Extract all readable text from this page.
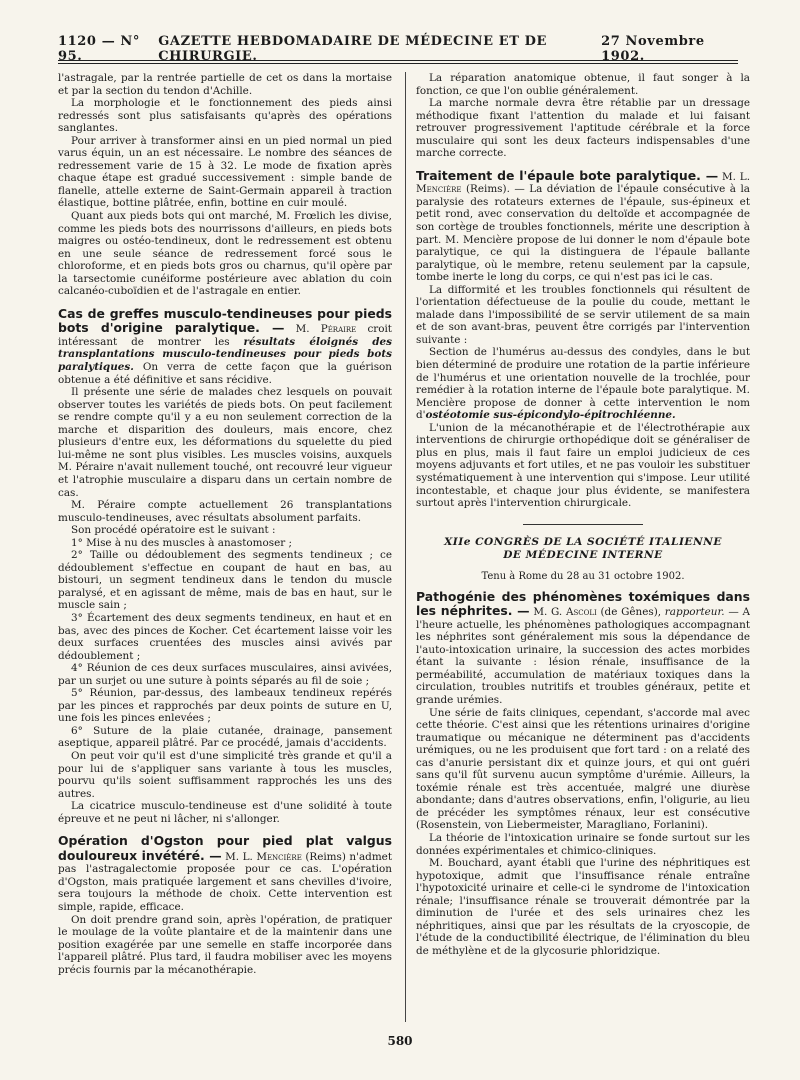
1120 — N° 95.
GAZETTE HEBDOMADAIRE DE MÉDECINE ET DE CHIRURGIE.
27 Novembre 1902.

l'astragale, par la rentrée partielle de cet os dans la mortaise et par la section du tendon d'Achille.

La morphologie et le fonctionnement des pieds ainsi redressés sont plus satisfaisants qu'après des opérations sanglantes.

Pour arriver à transformer ainsi en un pied normal un pied varus équin, un an est nécessaire. Le nombre des séances de redressement varie de 15 à 32. Le mode de fixation après chaque étape est gradué successivement : simple bande de flanelle, attelle externe de Saint-Germain appareil à traction élastique, bottine plâtrée, enfin, bottine en cuir moulé.

Quant aux pieds bots qui ont marché, M. Frœlich les divise, comme les pieds bots des nourrissons d'ailleurs, en pieds bots maigres ou ostéo-tendineux, dont le redressement est obtenu en une seule séance de redressement forcé sous le chloroforme, et en pieds bots gros ou charnus, qu'il opère par la tarsectomie cunéiforme postérieure avec ablation du coin calcanéo-cuboïdien et de l'astragale en entier.

Cas de greffes musculo-tendineuses pour pieds bots d'origine paralytique. — M. Péraire croit intéressant de montrer les résultats éloignés des transplantations musculo-tendineuses pour pieds bots paralytiques. On verra de cette façon que la guérison obtenue a été définitive et sans récidive.

Il présente une série de malades chez lesquels on pouvait observer toutes les variétés de pieds bots. On peut facilement se rendre compte qu'il y a eu non seulement correction de la marche et disparition des douleurs, mais encore, chez plusieurs d'entre eux, les déformations du squelette du pied lui-même ne sont plus visibles. Les muscles voisins, auxquels M. Péraire n'avait nullement touché, ont recouvré leur vigueur et l'atrophie musculaire a disparu dans un certain nombre de cas.

M. Péraire compte actuellement 26 transplantations musculo-tendineuses, avec résultats absolument parfaits.

Son procédé opératoire est le suivant :

1° Mise à nu des muscles à anastomoser ;

2° Taille ou dédoublement des segments tendineux ; ce dédoublement s'effectue en coupant de haut en bas, au bistouri, un segment tendineux dans le tendon du muscle paralysé, et en agissant de même, mais de bas en haut, sur le muscle sain ;

3° Écartement des deux segments tendineux, en haut et en bas, avec des pinces de Kocher. Cet écartement laisse voir les deux surfaces cruentées des muscles ainsi avivés par dédoublement ;

4° Réunion de ces deux surfaces musculaires, ainsi avivées, par un surjet ou une suture à points séparés au fil de soie ;

5° Réunion, par-dessus, des lambeaux tendineux repérés par les pinces et rapprochés par deux points de suture en U, une fois les pinces enlevées ;

6° Suture de la plaie cutanée, drainage, pansement aseptique, appareil plâtré. Par ce procédé, jamais d'accidents.

On peut voir qu'il est d'une simplicité très grande et qu'il a pour lui de s'appliquer sans variante à tous les muscles, pourvu qu'ils soient suffisamment rapprochés les uns des autres.

La cicatrice musculo-tendineuse est d'une solidité à toute épreuve et ne peut ni lâcher, ni s'allonger.

Opération d'Ogston pour pied plat valgus douloureux invétéré. — M. L. Mencière (Reims) n'admet pas l'astragalectomie proposée pour ce cas. L'opération d'Ogston, mais pratiquée largement et sans chevilles d'ivoire, sera toujours la méthode de choix. Cette intervention est simple, rapide, efficace.

On doit prendre grand soin, après l'opération, de pratiquer le moulage de la voûte plantaire et de la maintenir dans une position exagérée par une semelle en staffe incorporée dans l'appareil plâtré. Plus tard, il faudra mobiliser avec les moyens précis fournis par la mécanothérapie.

La réparation anatomique obtenue, il faut songer à la fonction, ce que l'on oublie généralement.

La marche normale devra être rétablie par un dressage méthodique fixant l'attention du malade et lui faisant retrouver progressivement l'aptitude cérébrale et la force musculaire qui sont les deux facteurs indispensables d'une marche correcte.

Traitement de l'épaule bote paralytique. — M. L. Mencière (Reims). — La déviation de l'épaule consécutive à la paralysie des rotateurs externes de l'épaule, sus-épineux et petit rond, avec conservation du deltoïde et accompagnée de son cortège de troubles fonctionnels, mérite une description à part. M. Mencière propose de lui donner le nom d'épaule bote paralytique, ce qui la distinguera de l'épaule ballante paralytique, où le membre, retenu seulement par la capsule, tombe inerte le long du corps, ce qui n'est pas ici le cas.

La difformité et les troubles fonctionnels qui résultent de l'orientation défectueuse de la poulie du coude, mettant le malade dans l'impossibilité de se servir utilement de sa main et de son avant-bras, peuvent être corrigés par l'intervention suivante :

Section de l'humérus au-dessus des condyles, dans le but bien déterminé de produire une rotation de la partie inférieure de l'humérus et une orientation nouvelle de la trochlée, pour remédier à la rotation interne de l'épaule bote paralytique. M. Mencière propose de donner à cette intervention le nom d'ostéotomie sus-épicondylo-épitrochléenne.

L'union de la mécanothérapie et de l'électrothérapie aux interventions de chirurgie orthopédique doit se généraliser de plus en plus, mais il faut faire un emploi judicieux de ces moyens adjuvants et fort utiles, et ne pas vouloir les substituer systématiquement à une intervention qui s'impose. Leur utilité incontestable, et chaque jour plus évidente, se manifestera surtout après l'intervention chirurgicale.

XIIe CONGRÈS DE LA SOCIÉTÉ ITALIENNE
DE MÉDECINE INTERNE
Tenu à Rome du 28 au 31 octobre 1902.

Pathogénie des phénomènes toxémiques dans les néphrites. — M. G. Ascoli (de Gênes), rapporteur. — A l'heure actuelle, les phénomènes pathologiques accompagnant les néphrites sont généralement mis sous la dépendance de l'auto-intoxication urinaire, la succession des actes morbides étant la suivante : lésion rénale, insuffisance de la perméabilité, accumulation de matériaux toxiques dans la circulation, troubles nutritifs et troubles généraux, petite et grande urémies.

Une série de faits cliniques, cependant, s'accorde mal avec cette théorie. C'est ainsi que les rétentions urinaires d'origine traumatique ou mécanique ne déterminent pas d'accidents urémiques, ou ne les produisent que fort tard : on a relaté des cas d'anurie persistant dix et quinze jours, et qui ont guéri sans qu'il fût survenu aucun symptôme d'urémie. Ailleurs, la toxémie rénale est très accentuée, malgré une diurèse abondante; dans d'autres observations, enfin, l'oligurie, au lieu de précéder les symptômes rénaux, leur est consécutive (Rosenstein, von Liebermeister, Maragliano, Forlanini).

La théorie de l'intoxication urinaire se fonde surtout sur les données expérimentales et chimico-cliniques.

M. Bouchard, ayant établi que l'urine des néphritiques est hypotoxique, admit que l'insuffisance rénale entraîne l'hypotoxicité urinaire et celle-ci le syndrome de l'intoxication rénale; l'insuffisance rénale se trouverait démontrée par la diminution de l'urée et des sels urinaires chez les néphritiques, ainsi que par les résultats de la cryoscopie, de l'étude de la conductibilité électrique, de l'élimination du bleu de méthylène et de la glycosurie phloridzique.

580
